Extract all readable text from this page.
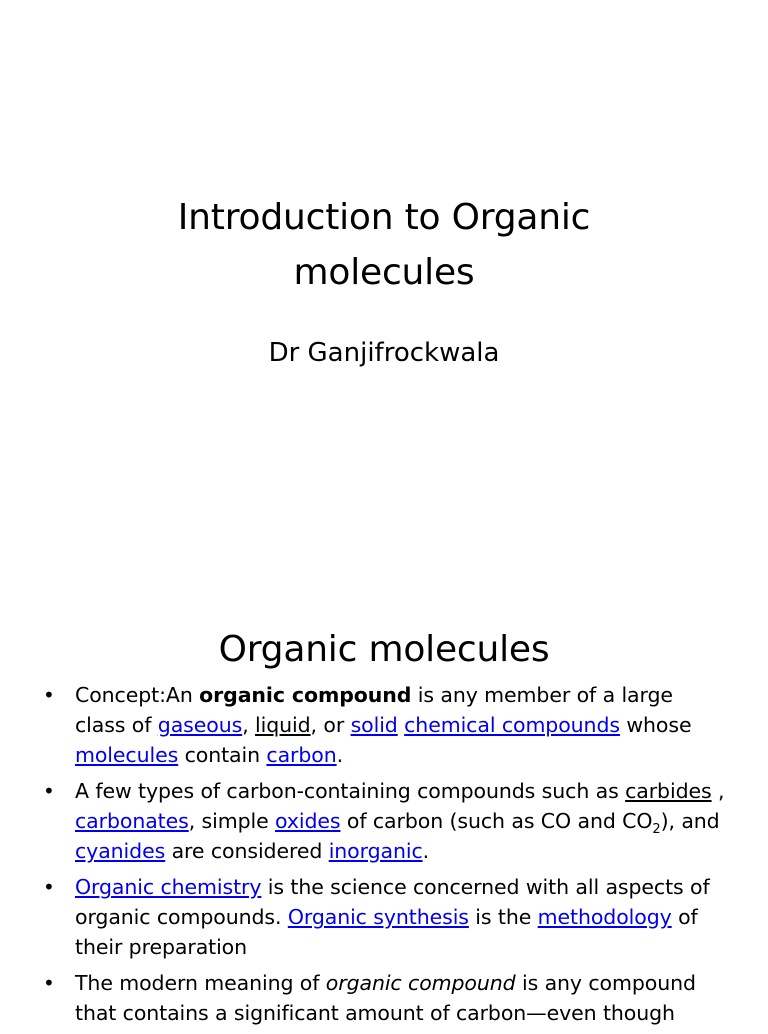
Introduction to Organic
molecules
Dr Ganjifrockwala
Organic molecules
• Concept:An organic compound is any member of a large class of gaseous, liquid, or solid chemical compounds whose molecules contain carbon.
• A few types of carbon-containing compounds such as carbides , carbonates, simple oxides of carbon (such as CO and $CO_2$), and cyanides are considered inorganic.
• Organic chemistry is the science concerned with all aspects of organic compounds. Organic synthesis is the methodology of their preparation
• The modern meaning of organic compound is any compound that contains a significant amount of carbon—even though
